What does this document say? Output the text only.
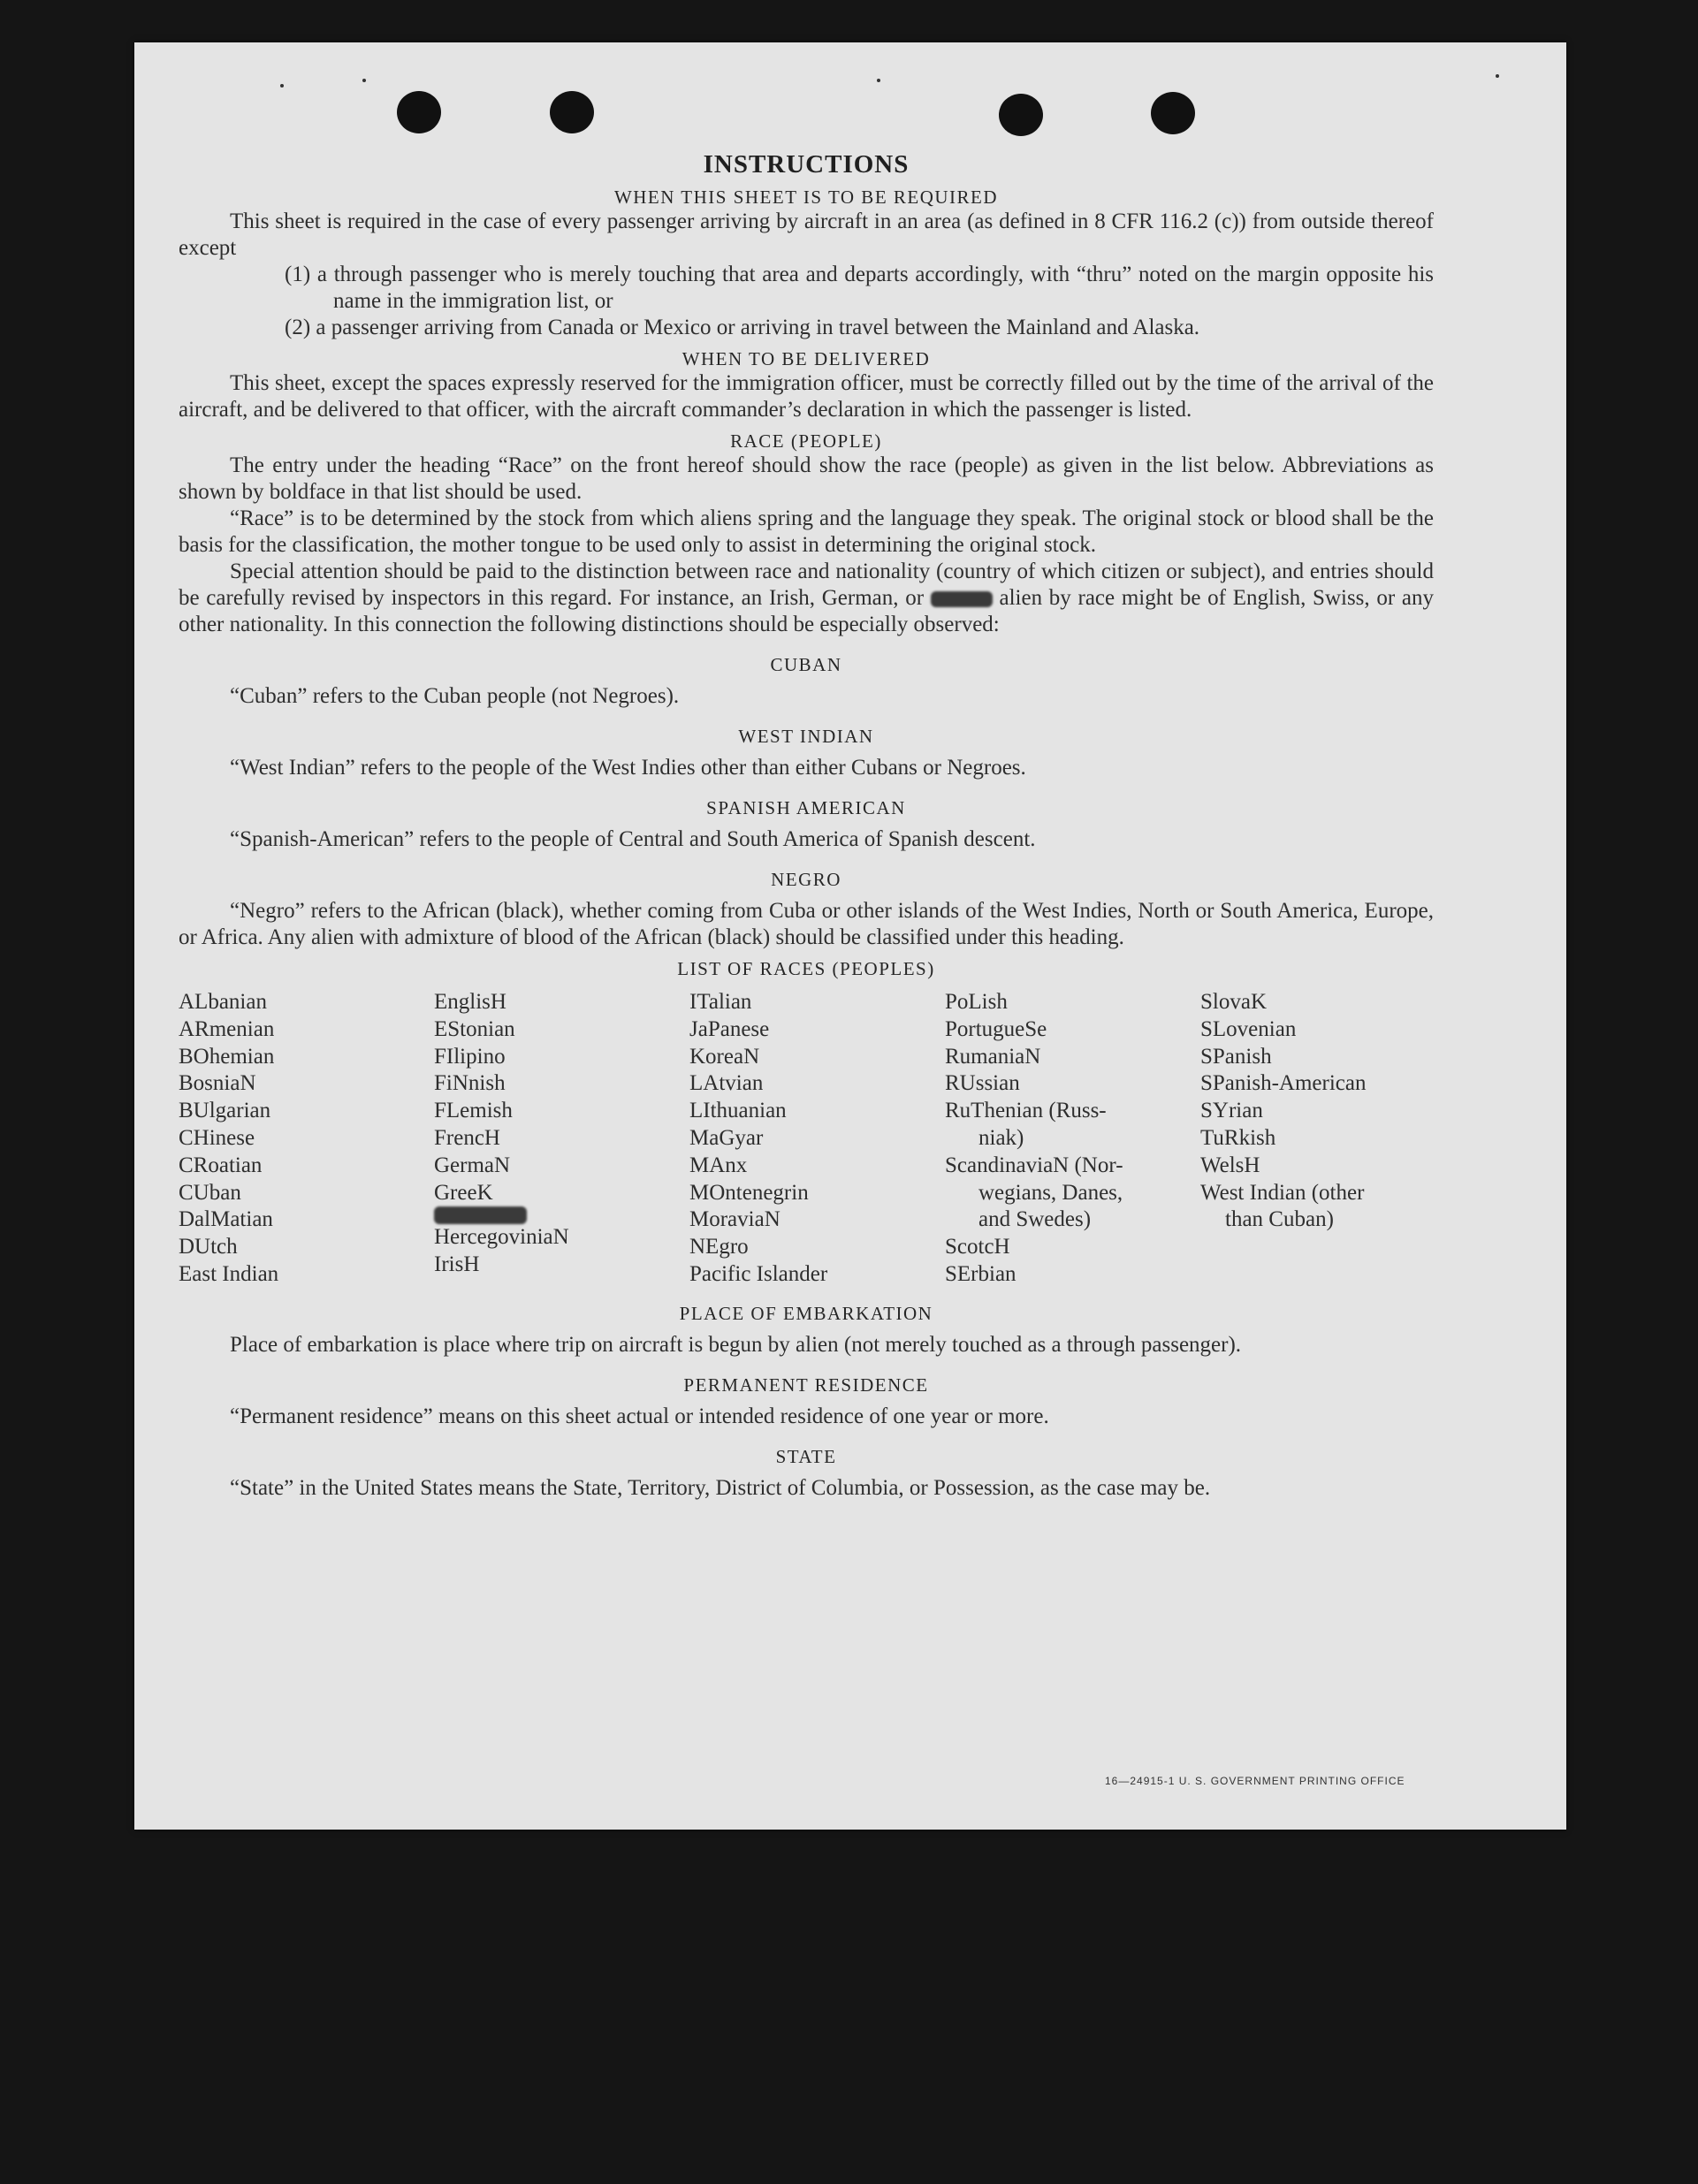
INSTRUCTIONS
WHEN THIS SHEET IS TO BE REQUIRED

This sheet is required in the case of every passenger arriving by aircraft in an area (as defined in 8 CFR 116.2 (c)) from outside thereof except

(1) a through passenger who is merely touching that area and departs accordingly, with “thru” noted on the margin opposite his name in the immigration list, or

(2) a passenger arriving from Canada or Mexico or arriving in travel between the Mainland and Alaska.

WHEN TO BE DELIVERED

This sheet, except the spaces expressly reserved for the immigration officer, must be correctly filled out by the time of the arrival of the aircraft, and be delivered to that officer, with the aircraft commander’s declaration in which the passenger is listed.

RACE (PEOPLE)

The entry under the heading “Race” on the front hereof should show the race (people) as given in the list below. Abbreviations as shown by boldface in that list should be used.

“Race” is to be determined by the stock from which aliens spring and the language they speak. The original stock or blood shall be the basis for the classification, the mother tongue to be used only to assist in determining the original stock.

Special attention should be paid to the distinction between race and nationality (country of which citizen or subject), and entries should be carefully revised by inspectors in this regard. For instance, an Irish, German, or	alien by race might be of English, Swiss, or any other nationality. In this connection the following distinctions should be especially observed:

CUBAN

“Cuban” refers to the Cuban people (not Negroes).

WEST INDIAN

“West Indian” refers to the people of the West Indies other than either Cubans or Negroes.

SPANISH AMERICAN

“Spanish-American” refers to the people of Central and South America of Spanish descent.

NEGRO

“Negro” refers to the African (black), whether coming from Cuba or other islands of the West Indies, North or South America, Europe, or Africa. Any alien with admixture of blood of the African (black) should be classified under this heading.

LIST OF RACES (PEOPLES)
ALbanian
ARmenian
BOhemian
BosniaN
BUlgarian
CHinese
CRoatian
CUban
DalMatian
DUtch
East Indian
EnglisH
EStonian
FIlipino
FiNnish
FLemish
FrencH
GermaN
GreeK
HercegoviniaN
IrisH
ITalian
JaPanese
KoreaN
LAtvian
LIthuanian
MaGyar
MAnx
MOntenegrin
MoraviaN
NEgro
Pacific Islander
PoLish
PortugueSe
RumaniaN
RUssian
RuThenian (Russ-
niak)
ScandinaviaN (Nor-
wegians, Danes,
and Swedes)
ScotcH
SErbian
SlovaK
SLovenian
SPanish
SPanish-American
SYrian
TuRkish
WelsH
West Indian (other
than Cuban)
PLACE OF EMBARKATION

Place of embarkation is place where trip on aircraft is begun by alien (not merely touched as a through passenger).

PERMANENT RESIDENCE

“Permanent residence” means on this sheet actual or intended residence of one year or more.

STATE

“State” in the United States means the State, Territory, District of Columbia, or Possession, as the case may be.

16—24915-1 U. S. GOVERNMENT PRINTING OFFICE
